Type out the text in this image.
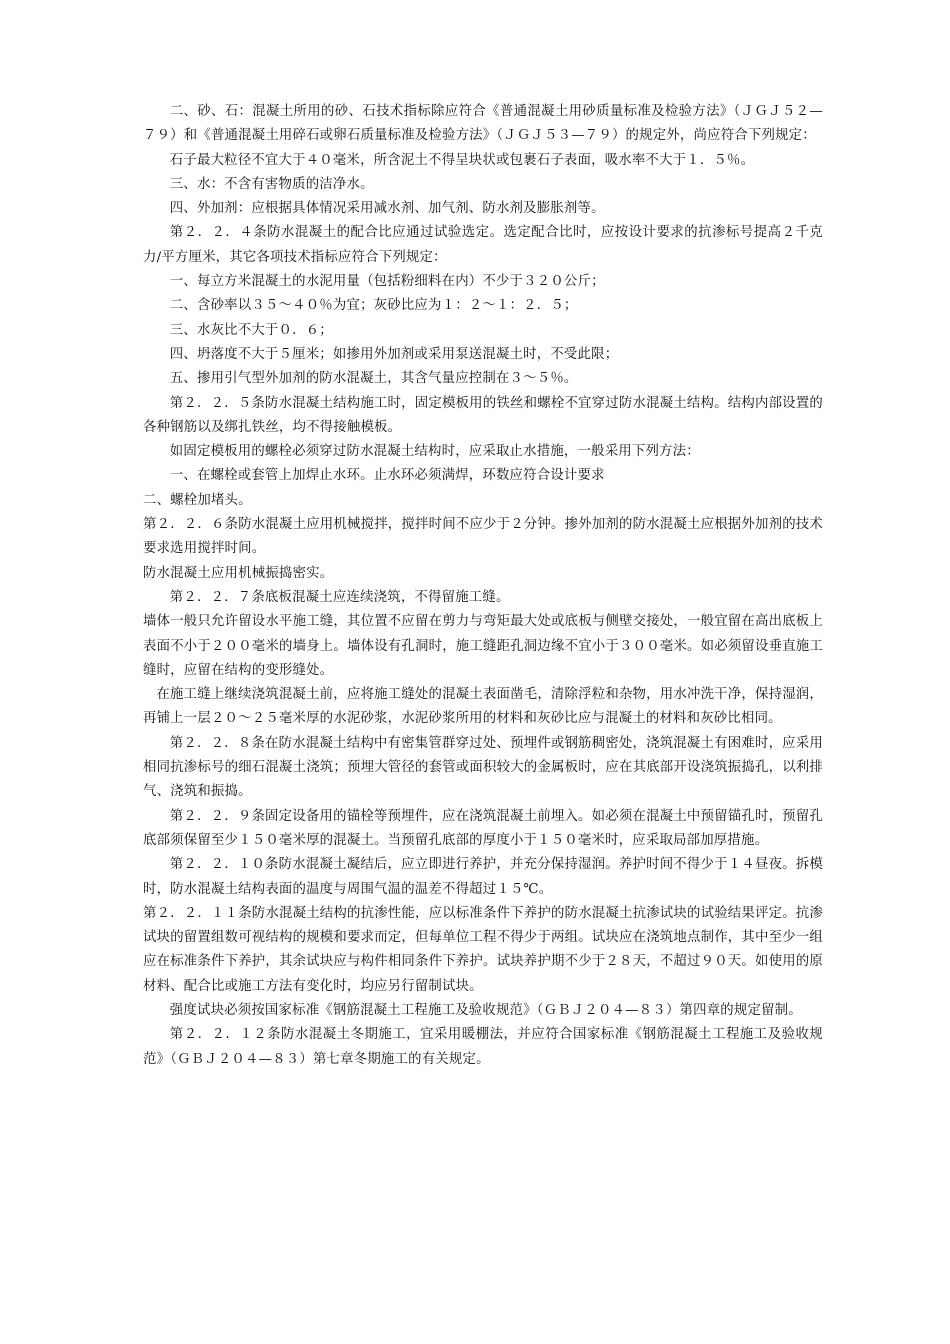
二、砂、石：混凝土所用的砂、石技术指标除应符合《普通混凝土用砂质量标准及检验方法》（ＪＧＪ５２—７９）和《普通混凝土用碎石或卵石质量标准及检验方法》（ＪＧＪ５３—７９）的规定外，尚应符合下列规定：

石子最大粒径不宜大于４０毫米，所含泥土不得呈块状或包裹石子表面，吸水率不大于１．５％。

三、水：不含有害物质的洁净水。

四、外加剂：应根据具体情况采用减水剂、加气剂、防水剂及膨胀剂等。

第２．２．４条防水混凝土的配合比应通过试验选定。选定配合比时，应按设计要求的抗渗标号提高２千克力/平方厘米，其它各项技术指标应符合下列规定：

一、每立方米混凝土的水泥用量（包括粉细料在内）不少于３２０公斤；

二、含砂率以３５～４０％为宜；灰砂比应为１：２～１：２．５；

三、水灰比不大于０．６；

四、坍落度不大于５厘米；如掺用外加剂或采用泵送混凝土时，不受此限；

五、掺用引气型外加剂的防水混凝土，其含气量应控制在３～５％。

第２．２．５条防水混凝土结构施工时，固定模板用的铁丝和螺栓不宜穿过防水混凝土结构。结构内部设置的各种钢筋以及绑扎铁丝，均不得接触模板。

如固定模板用的螺栓必须穿过防水混凝土结构时，应采取止水措施，一般采用下列方法：

一、在螺栓或套管上加焊止水环。止水环必须满焊，环数应符合设计要求

二、螺栓加堵头。

第２．２．６条防水混凝土应用机械搅拌，搅拌时间不应少于２分钟。掺外加剂的防水混凝土应根据外加剂的技术要求选用搅拌时间。

防水混凝土应用机械振捣密实。

第２．２．７条底板混凝土应连续浇筑，不得留施工缝。

墙体一般只允许留设水平施工缝，其位置不应留在剪力与弯矩最大处或底板与侧壁交接处，一般宜留在高出底板上表面不小于２００毫米的墙身上。墙体设有孔洞时，施工缝距孔洞边缘不宜小于３００毫米。如必须留设垂直施工缝时，应留在结构的变形缝处。

在施工缝上继续浇筑混凝土前，应将施工缝处的混凝土表面凿毛，清除浮粒和杂物，用水冲洗干净，保持湿润，再铺上一层２０～２５毫米厚的水泥砂浆，水泥砂浆所用的材料和灰砂比应与混凝土的材料和灰砂比相同。

第２．２．８条在防水混凝土结构中有密集管群穿过处、预埋件或钢筋稠密处，浇筑混凝土有困难时，应采用相同抗渗标号的细石混凝土浇筑；预埋大管径的套管或面积较大的金属板时，应在其底部开设浇筑振捣孔，以利排气、浇筑和振捣。

第２．２．９条固定设备用的锚栓等预埋件，应在浇筑混凝土前埋入。如必须在混凝土中预留锚孔时，预留孔底部须保留至少１５０毫米厚的混凝土。当预留孔底部的厚度小于１５０毫米时，应采取局部加厚措施。

第２．２．１０条防水混凝土凝结后，应立即进行养护，并充分保持湿润。养护时间不得少于１４昼夜。拆模时，防水混凝土结构表面的温度与周围气温的温差不得超过１５℃。

第２．２．１１条防水混凝土结构的抗渗性能，应以标准条件下养护的防水混凝土抗渗试块的试验结果评定。抗渗试块的留置组数可视结构的规模和要求而定，但每单位工程不得少于两组。试块应在浇筑地点制作，其中至少一组应在标准条件下养护，其余试块应与构件相同条件下养护。试块养护期不少于２８天，不超过９０天。如使用的原材料、配合比或施工方法有变化时，均应另行留制试块。

强度试块必须按国家标准《钢筋混凝土工程施工及验收规范》（ＧＢＪ２０４—８３）第四章的规定留制。

第２．２．１２条防水混凝土冬期施工，宜采用暖棚法，并应符合国家标准《钢筋混凝土工程施工及验收规范》（ＧＢＪ２０４—８３）第七章冬期施工的有关规定。
